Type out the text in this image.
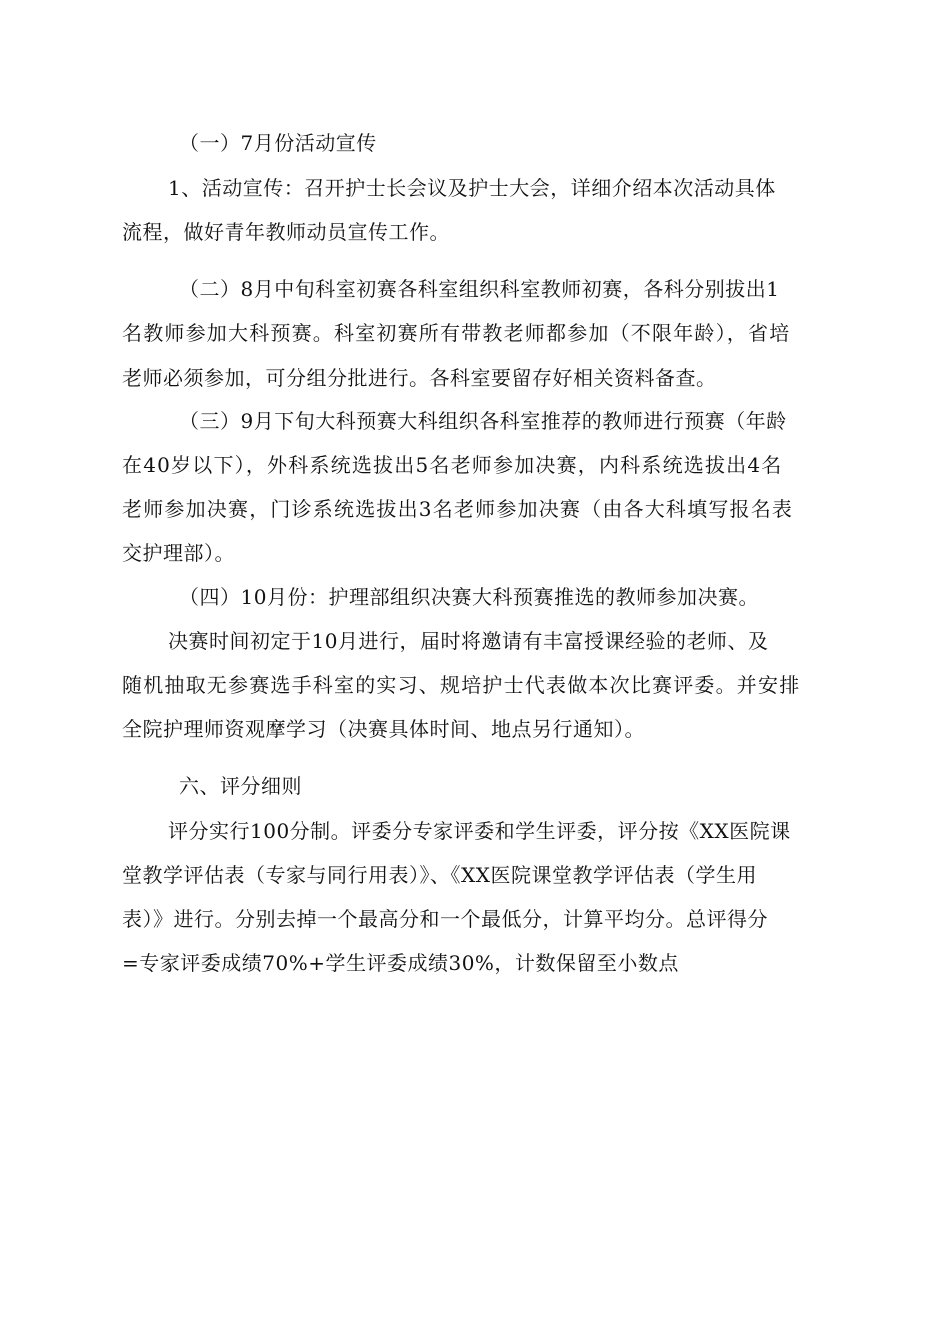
（一）7月份活动宣传
1、活动宣传：召开护士长会议及护士大会，详细介绍本次活动具体
流程，做好青年教师动员宣传工作。
（二）8月中旬科室初赛各科室组织科室教师初赛，各科分别拔出1
名教师参加大科预赛。科室初赛所有带教老师都参加（不限年龄），省培
老师必须参加，可分组分批进行。各科室要留存好相关资料备查。
（三）9月下旬大科预赛大科组织各科室推荐的教师进行预赛（年龄
在40岁以下），外科系统选拔出5名老师参加决赛，内科系统选拔出4名
老师参加决赛，门诊系统选拔出3名老师参加决赛（由各大科填写报名表
交护理部）。
（四）10月份：护理部组织决赛大科预赛推选的教师参加决赛。
决赛时间初定于10月进行，届时将邀请有丰富授课经验的老师、及
随机抽取无参赛选手科室的实习、规培护士代表做本次比赛评委。并安排
全院护理师资观摩学习（决赛具体时间、地点另行通知）。
六、评分细则
评分实行100分制。评委分专家评委和学生评委，评分按《XX医院课
堂教学评估表（专家与同行用表）》、《XX医院课堂教学评估表（学生用
表）》进行。分别去掉一个最高分和一个最低分，计算平均分。总评得分
=专家评委成绩70%+学生评委成绩30%，计数保留至小数点
